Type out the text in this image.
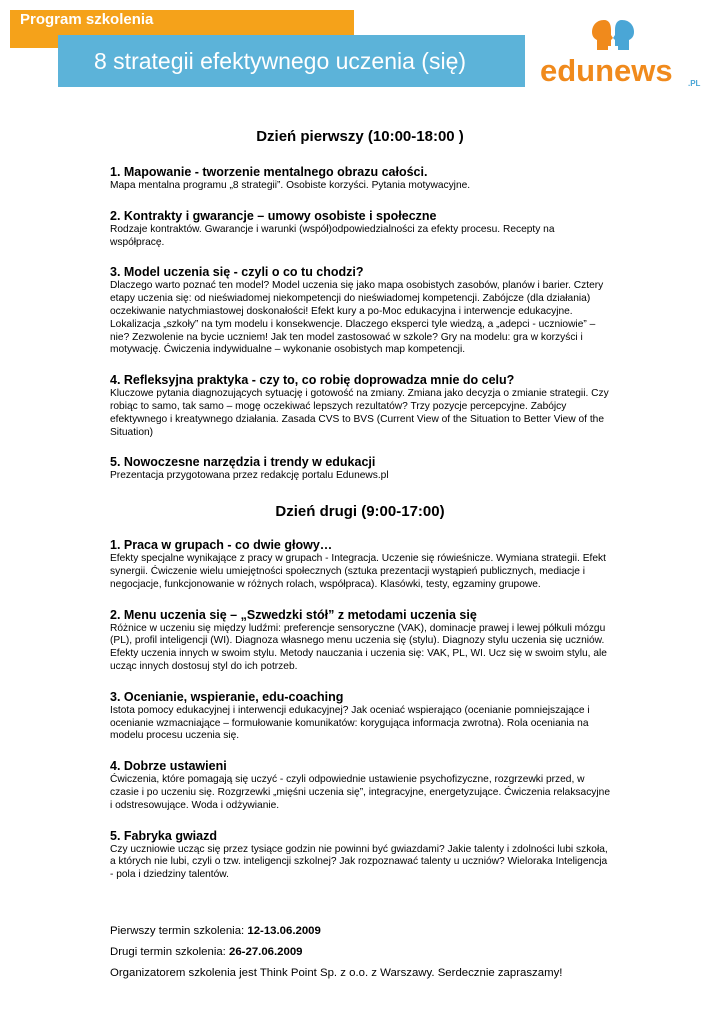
Program szkolenia
8 strategii efektywnego uczenia (się) edunews .PL
Dzień pierwszy (10:00-18:00 )

1. Mapowanie - tworzenie mentalnego obrazu całości.

Mapa mentalna programu „8 strategii”. Osobiste korzyści. Pytania motywacyjne.

2. Kontrakty i gwarancje – umowy osobiste i społeczne

Rodzaje kontraktów. Gwarancje i warunki (współ)odpowiedzialności za efekty procesu. Recepty na współpracę.

3. Model uczenia się - czyli o co tu chodzi?

Dlaczego warto poznać ten model? Model uczenia się jako mapa osobistych zasobów, planów i barier. Cztery etapy uczenia się: od nieświadomej niekompetencji do nieświadomej kompetencji. Zabójcze (dla działania) oczekiwanie natychmiastowej doskonałości! Efekt kury a po-Moc edukacyjna i interwencje edukacyjne. Lokalizacja „szkoły” na tym modelu i konsekwencje. Dlaczego eksperci tyle wiedzą, a „adepci - uczniowie” – nie? Zezwolenie na bycie uczniem! Jak ten model zastosować w szkole? Gry na modelu: gra w korzyści i motywację. Ćwiczenia indywidualne – wykonanie osobistych map kompetencji.

4. Refleksyjna praktyka - czy to, co robię doprowadza mnie do celu?

Kluczowe pytania diagnozujących sytuację i gotowość na zmiany. Zmiana jako decyzja o zmianie strategii. Czy robiąc to samo, tak samo – mogę oczekiwać lepszych rezultatów? Trzy pozycje percepcyjne. Zabójcy efektywnego i kreatywnego działania. Zasada CVS to BVS (Current View of the Situation to Better View of the Situation)

5. Nowoczesne narzędzia i trendy w edukacji

Prezentacja przygotowana przez redakcję portalu Edunews.pl

Dzień drugi (9:00-17:00)

1. Praca w grupach - co dwie głowy…

Efekty specjalne wynikające z pracy w grupach - Integracja. Uczenie się rówieśnicze. Wymiana strategii. Efekt synergii. Ćwiczenie wielu umiejętności społecznych (sztuka prezentacji wystąpień publicznych, mediacje i negocjacje, funkcjonowanie w różnych rolach, współpraca). Klasówki, testy, egzaminy grupowe.

2. Menu uczenia się – „Szwedzki stół” z metodami uczenia się

Różnice w uczeniu się między ludźmi: preferencje sensoryczne (VAK), dominacje prawej i lewej półkuli mózgu (PL), profil inteligencji (WI). Diagnoza własnego menu uczenia się (stylu). Diagnozy stylu uczenia się uczniów. Efekty uczenia innych w swoim stylu. Metody nauczania i uczenia się: VAK, PL, WI. Ucz się w swoim stylu, ale ucząc innych dostosuj styl do ich potrzeb.

3. Ocenianie, wspieranie, edu-coaching

Istota pomocy edukacyjnej i interwencji edukacyjnej? Jak oceniać wspierająco (ocenianie pomniejszające i ocenianie wzmacniające – formułowanie komunikatów: korygująca informacja zwrotna). Rola oceniania na modelu procesu uczenia się.

4. Dobrze ustawieni

Ćwiczenia, które pomagają się uczyć - czyli odpowiednie ustawienie psychofizyczne, rozgrzewki przed, w czasie i po uczeniu się. Rozgrzewki „mięśni uczenia się”, integracyjne, energetyzujące. Ćwiczenia relaksacyjne i odstresowujące. Woda i odżywianie.

5. Fabryka gwiazd

Czy uczniowie ucząc się przez tysiące godzin nie powinni być gwiazdami? Jakie talenty i zdolności lubi szkoła, a których nie lubi, czyli o tzw. inteligencji szkolnej? Jak rozpoznawać talenty u uczniów? Wieloraka Inteligencja - pola i dziedziny talentów.

Pierwszy termin szkolenia: 12-13.06.2009

Drugi termin szkolenia: 26-27.06.2009

Organizatorem szkolenia jest Think Point Sp. z o.o. z Warszawy. Serdecznie zapraszamy!
